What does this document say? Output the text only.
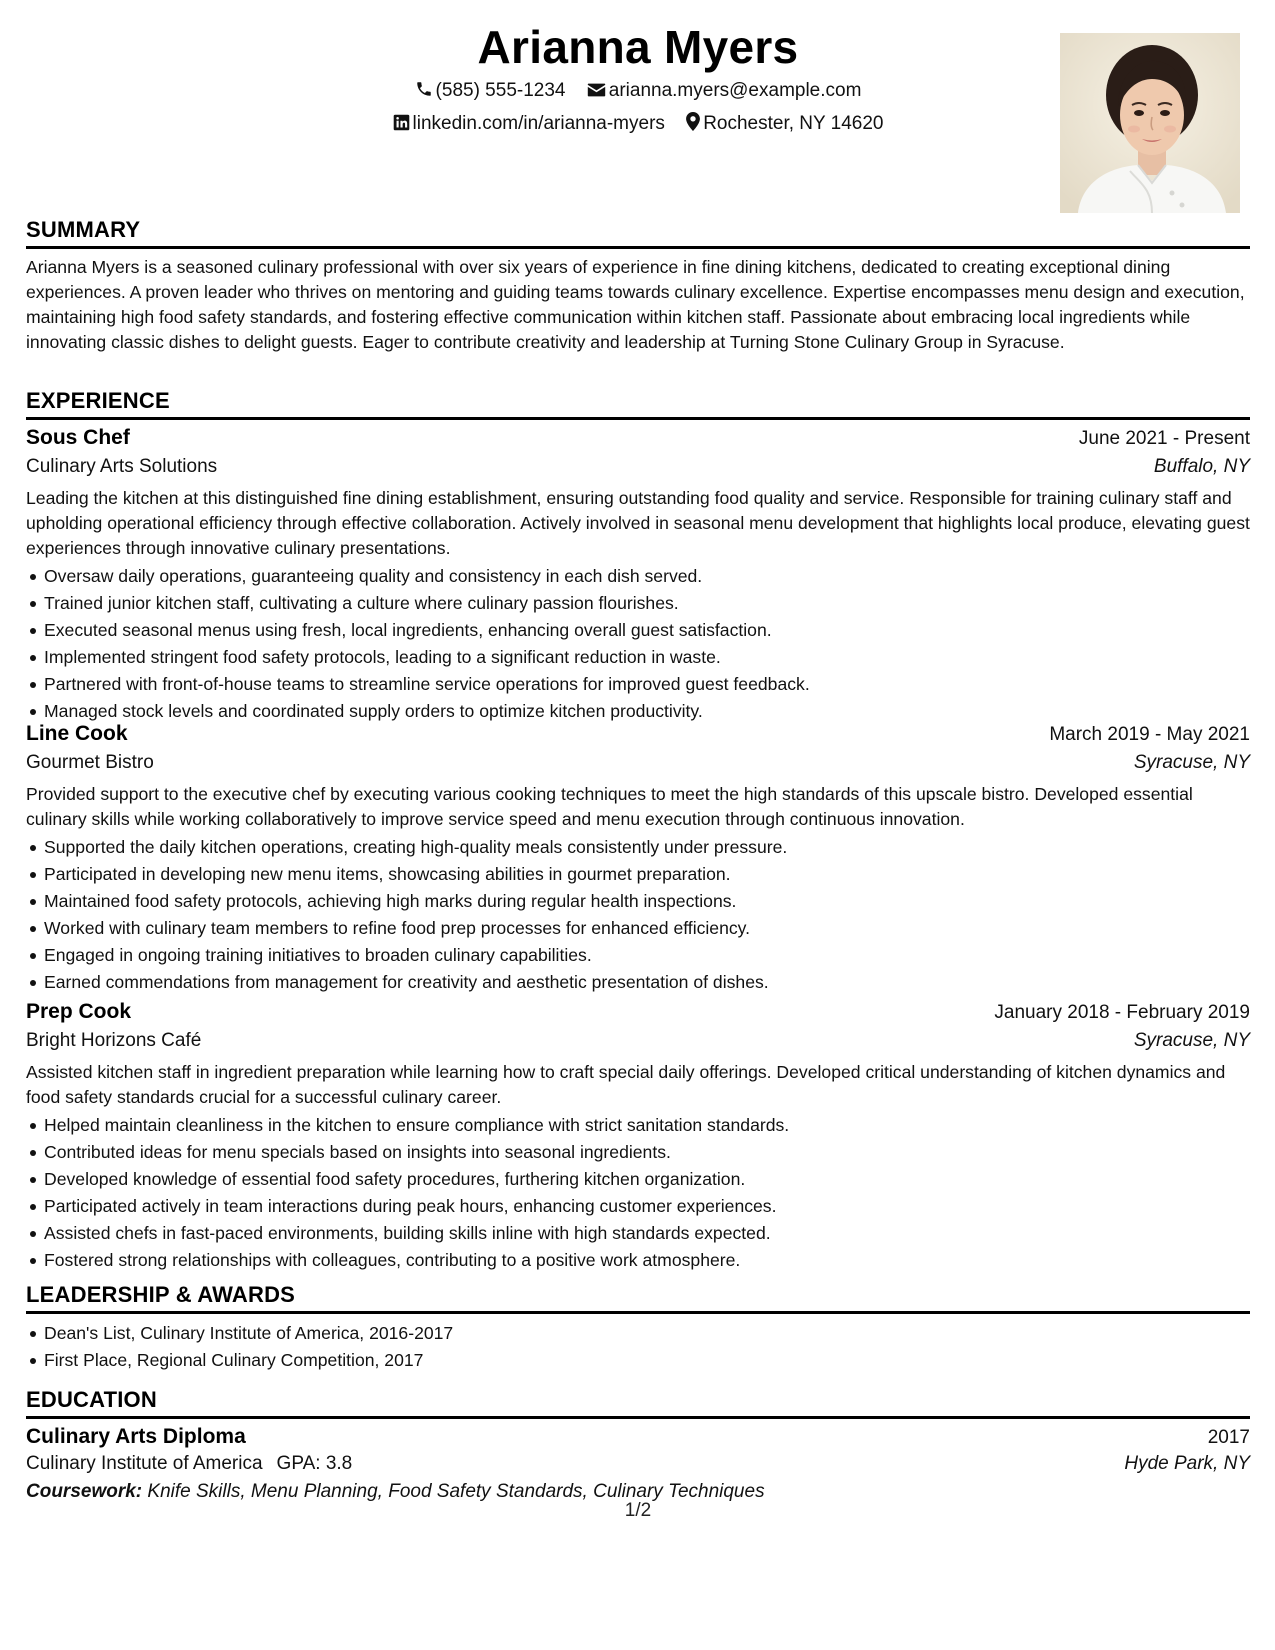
Arianna Myers
(585) 555-1234 arianna.myers@example.com
linkedin.com/in/arianna-myers Rochester, NY 14620
SUMMARY

Arianna Myers is a seasoned culinary professional with over six years of experience in fine dining kitchens, dedicated to creating exceptional dining experiences. A proven leader who thrives on mentoring and guiding teams towards culinary excellence. Expertise encompasses menu design and execution, maintaining high food safety standards, and fostering effective communication within kitchen staff. Passionate about embracing local ingredients while innovating classic dishes to delight guests. Eager to contribute creativity and leadership at Turning Stone Culinary Group in Syracuse.

EXPERIENCE
Sous Chef	June 2021 - Present
Culinary Arts Solutions	Buffalo, NY
Leading the kitchen at this distinguished fine dining establishment, ensuring outstanding food quality and service. Responsible for training culinary staff and upholding operational efficiency through effective collaboration. Actively involved in seasonal menu development that highlights local produce, elevating guest experiences through innovative culinary presentations.
Oversaw daily operations, guaranteeing quality and consistency in each dish served.
Trained junior kitchen staff, cultivating a culture where culinary passion flourishes.
Executed seasonal menus using fresh, local ingredients, enhancing overall guest satisfaction.
Implemented stringent food safety protocols, leading to a significant reduction in waste.
Partnered with front-of-house teams to streamline service operations for improved guest feedback.
Managed stock levels and coordinated supply orders to optimize kitchen productivity.
Line Cook	March 2019 - May 2021
Gourmet Bistro	Syracuse, NY
Provided support to the executive chef by executing various cooking techniques to meet the high standards of this upscale bistro. Developed essential culinary skills while working collaboratively to improve service speed and menu execution through continuous innovation.
Supported the daily kitchen operations, creating high-quality meals consistently under pressure.
Participated in developing new menu items, showcasing abilities in gourmet preparation.
Maintained food safety protocols, achieving high marks during regular health inspections.
Worked with culinary team members to refine food prep processes for enhanced efficiency.
Engaged in ongoing training initiatives to broaden culinary capabilities.
Earned commendations from management for creativity and aesthetic presentation of dishes.
Prep Cook	January 2018 - February 2019
Bright Horizons Café	Syracuse, NY
Assisted kitchen staff in ingredient preparation while learning how to craft special daily offerings. Developed critical understanding of kitchen dynamics and food safety standards crucial for a successful culinary career.
Helped maintain cleanliness in the kitchen to ensure compliance with strict sanitation standards.
Contributed ideas for menu specials based on insights into seasonal ingredients.
Developed knowledge of essential food safety procedures, furthering kitchen organization.
Participated actively in team interactions during peak hours, enhancing customer experiences.
Assisted chefs in fast-paced environments, building skills inline with high standards expected.
Fostered strong relationships with colleagues, contributing to a positive work atmosphere.
LEADERSHIP & AWARDS
Dean's List, Culinary Institute of America, 2016-2017
First Place, Regional Culinary Competition, 2017
EDUCATION
Culinary Arts Diploma	2017
Culinary Institute of America GPA: 3.8	Hyde Park, NY
Coursework: Knife Skills, Menu Planning, Food Safety Standards, Culinary Techniques
1/2
